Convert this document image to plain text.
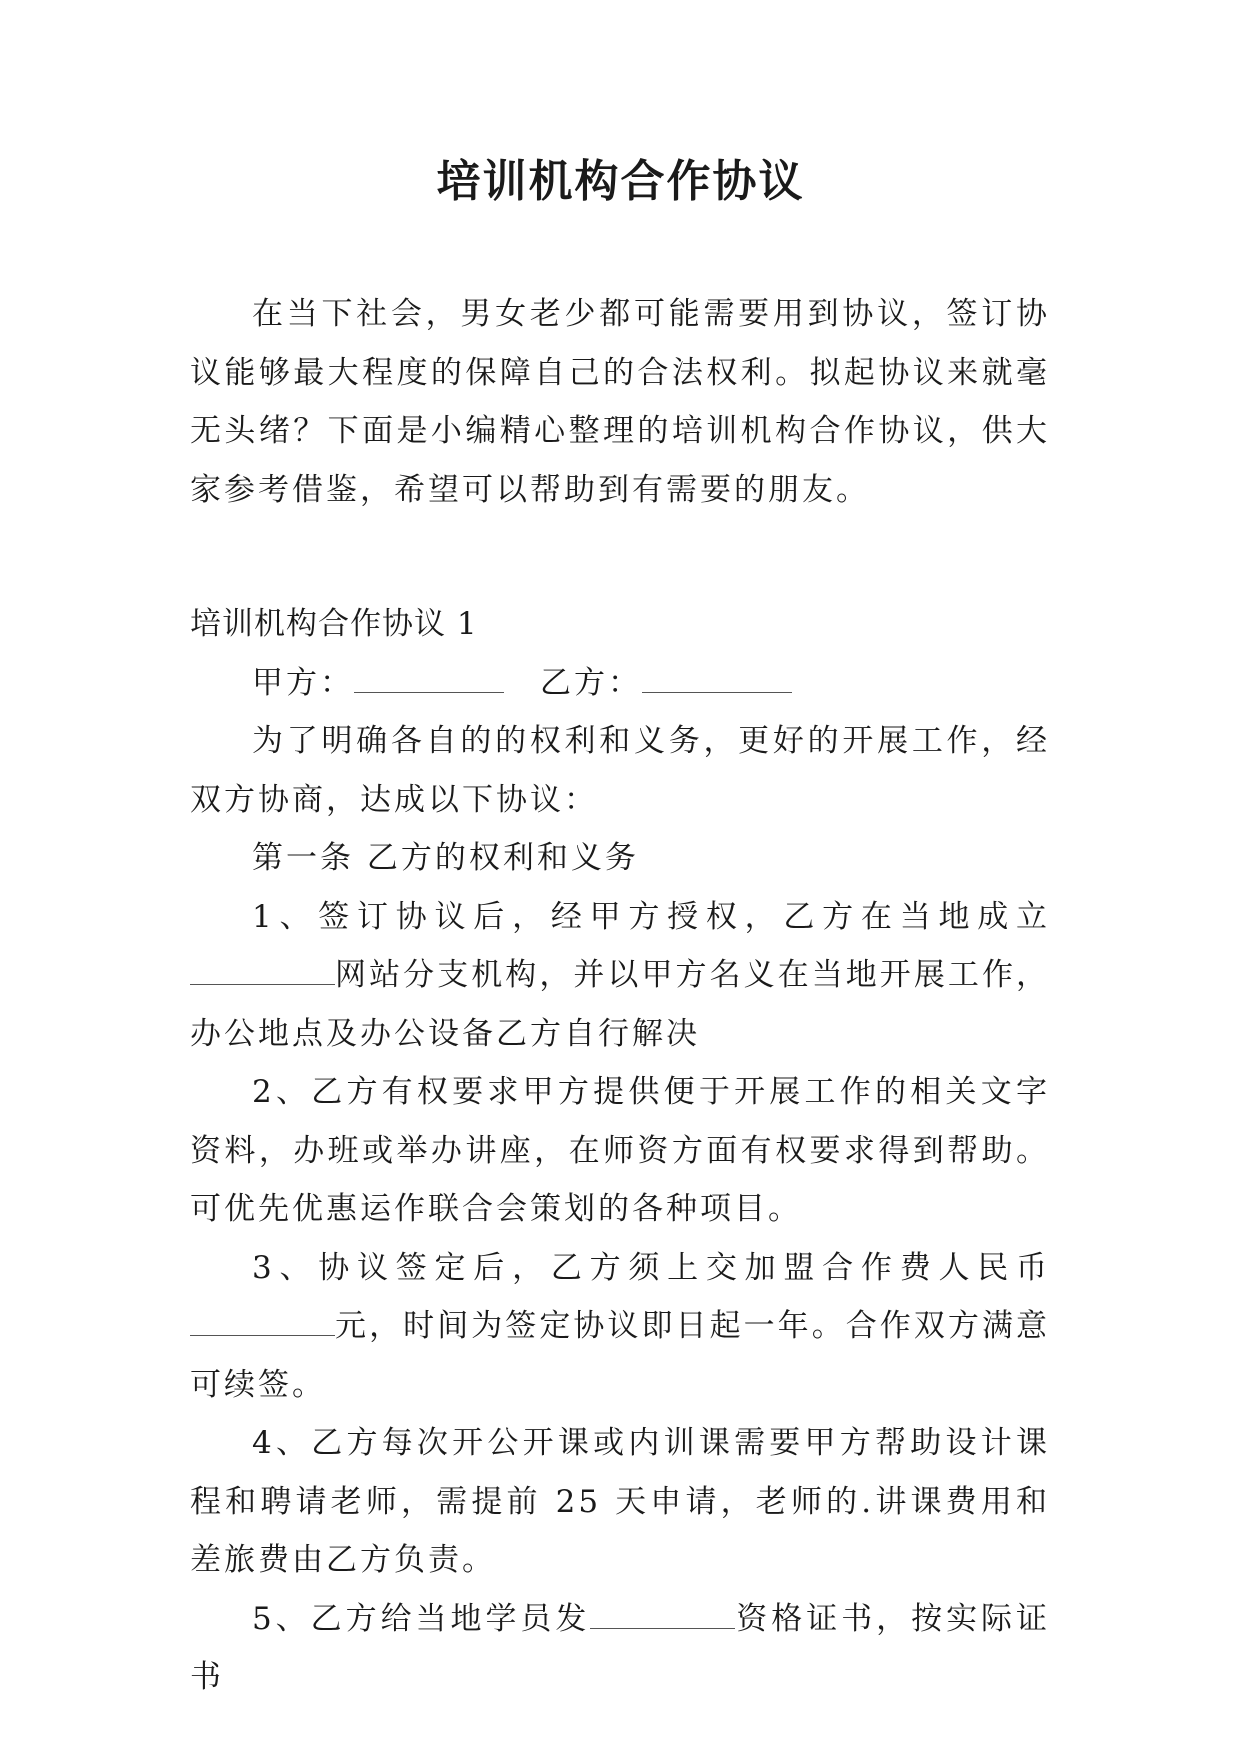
培训机构合作协议

在当下社会，男女老少都可能需要用到协议，签订协议能够最大程度的保障自己的合法权利。拟起协议来就毫无头绪？下面是小编精心整理的培训机构合作协议，供大家参考借鉴，希望可以帮助到有需要的朋友。

培训机构合作协议 1

甲方：	乙方：

为了明确各自的的权利和义务，更好的开展工作，经双方协商，达成以下协议：

第一条 乙方的权利和义务

1、签订协议后，经甲方授权，乙方在当地成立网站分支机构，并以甲方名义在当地开展工作，办公地点及办公设备乙方自行解决

2、乙方有权要求甲方提供便于开展工作的相关文字资料，办班或举办讲座，在师资方面有权要求得到帮助。可优先优惠运作联合会策划的各种项目。

3、协议签定后，乙方须上交加盟合作费人民币元，时间为签定协议即日起一年。合作双方满意可续签。

4、乙方每次开公开课或内训课需要甲方帮助设计课程和聘请老师，需提前 25 天申请，老师的.讲课费用和差旅费由乙方负责。

5、乙方给当地学员发	资格证书，按实际证书
